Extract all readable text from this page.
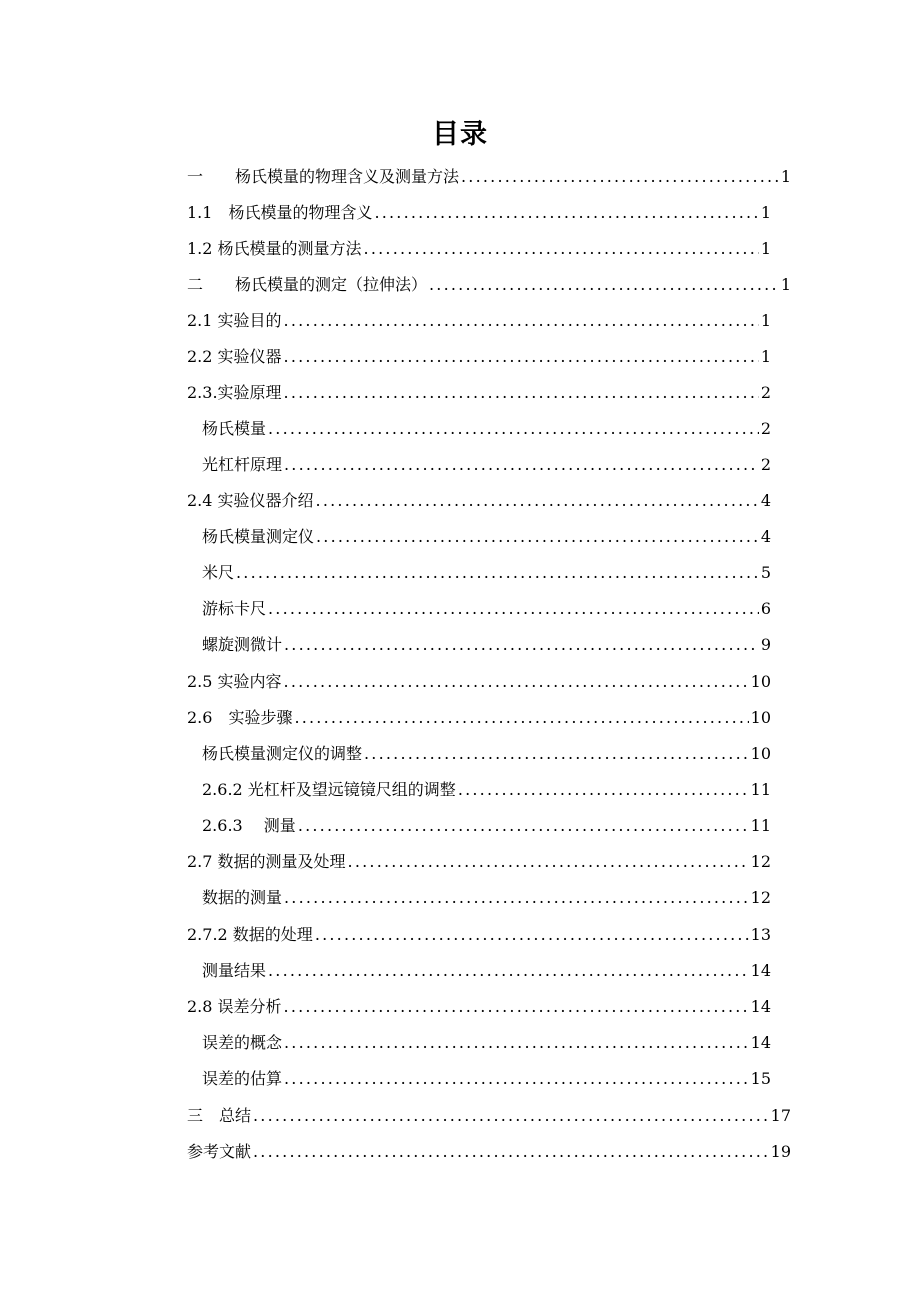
目录
一　　杨氏模量的物理含义及测量方法 .....	1
1.1　杨氏模量的物理含义 .....	1
1.2 杨氏模量的测量方法 .....	1
二　　杨氏模量的测定（拉伸法） .....	1
2.1 实验目的 .....	1
2.2 实验仪器 .....	1
2.3.实验原理 .....	2
杨氏模量 .....	2
光杠杆原理 .....	2
2.4 实验仪器介绍 .....	4
杨氏模量测定仪 .....	4
米尺 .....	5
游标卡尺 .....	6
螺旋测微计 .....	9
2.5 实验内容 .....	10
2.6　实验步骤 .....	10
杨氏模量测定仪的调整 .....	10
2.6.2 光杠杆及望远镜镜尺组的调整 .....	11
2.6.3　 测量 .....	11
2.7 数据的测量及处理 .....	12
数据的测量 .....	12
2.7.2 数据的处理 .....	13
测量结果 .....	14
2.8 误差分析 .....	14
误差的概念 .....	14
误差的估算 .....	15
三　总结 .....	17
参考文献 .....	19
